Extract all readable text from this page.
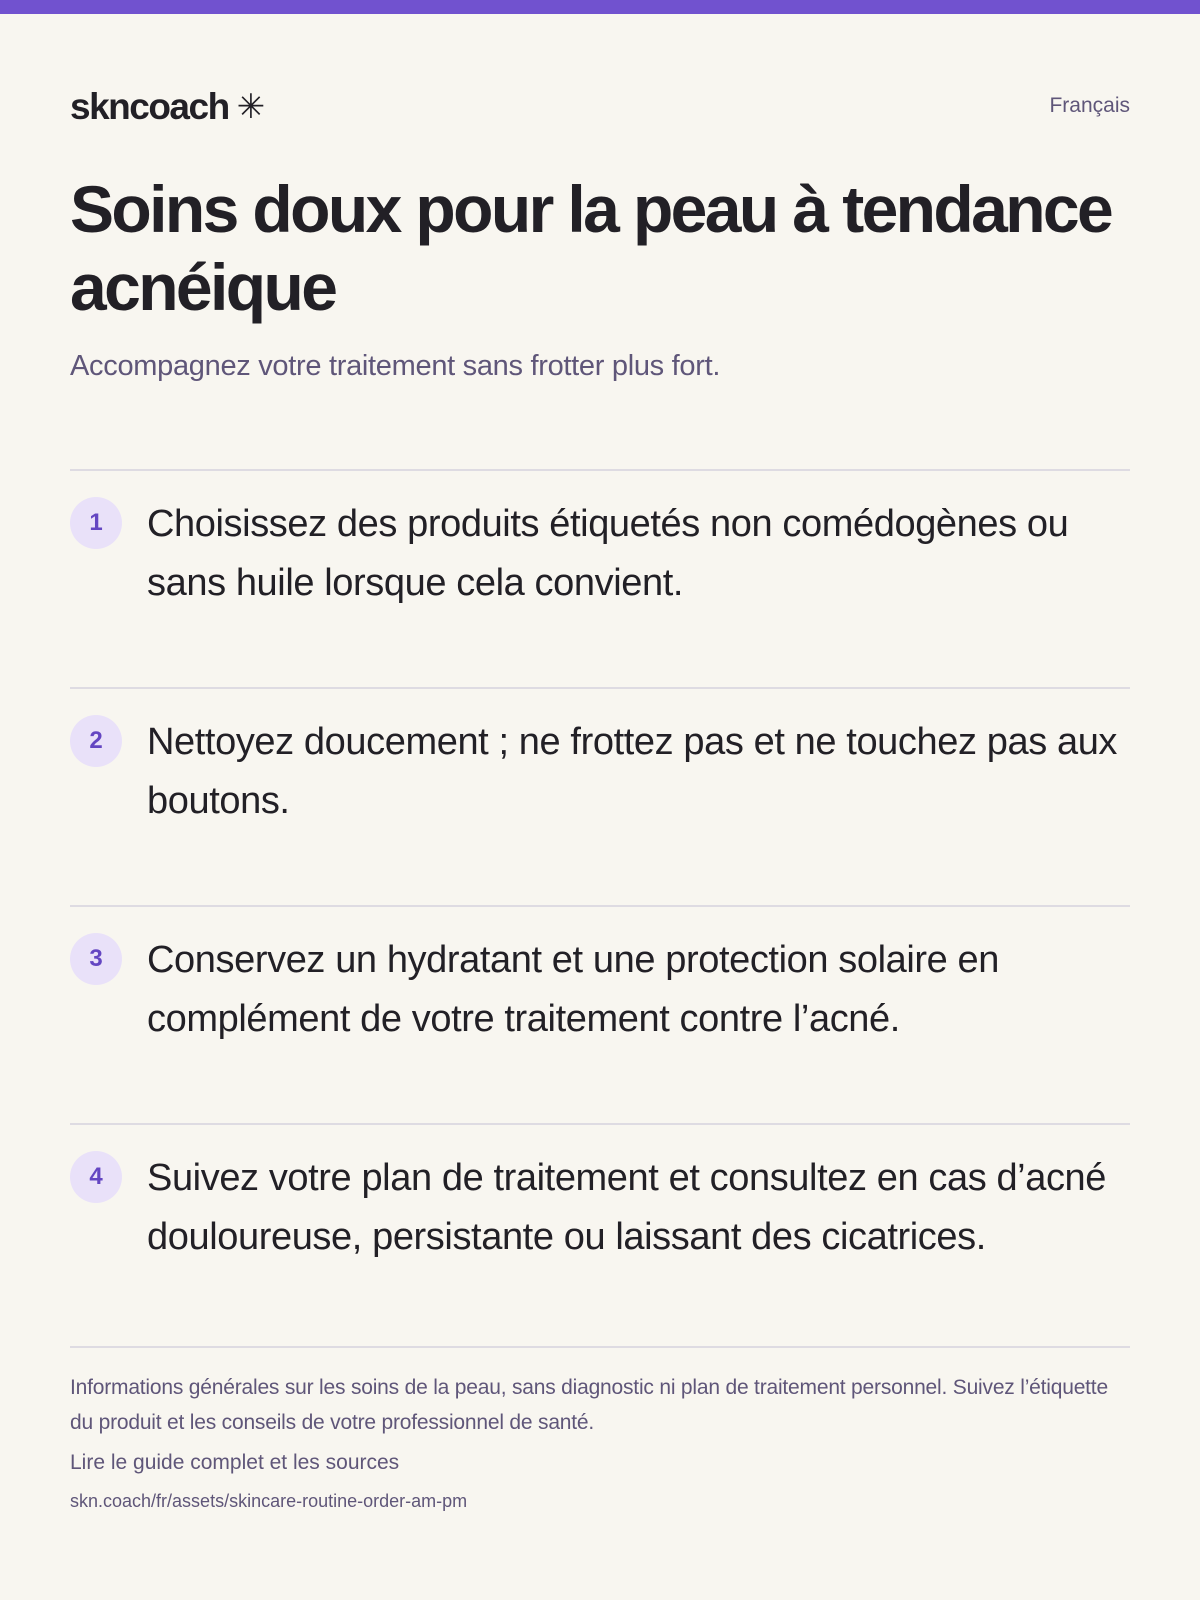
skncoach ✳	Français
Soins doux pour la peau à tendance acnéique

Accompagnez votre traitement sans frotter plus fort.

1	Choisissez des produits étiquetés non comédogènes ou sans huile lorsque cela convient.

2	Nettoyez doucement ; ne frottez pas et ne touchez pas aux boutons.

3	Conservez un hydratant et une protection solaire en complément de votre traitement contre l’acné.

4	Suivez votre plan de traitement et consultez en cas d’acné douloureuse, persistante ou laissant des cicatrices.

Informations générales sur les soins de la peau, sans diagnostic ni plan de traitement personnel. Suivez l’étiquette du produit et les conseils de votre professionnel de santé.

Lire le guide complet et les sources

skn.coach/fr/assets/skincare-routine-order-am-pm
